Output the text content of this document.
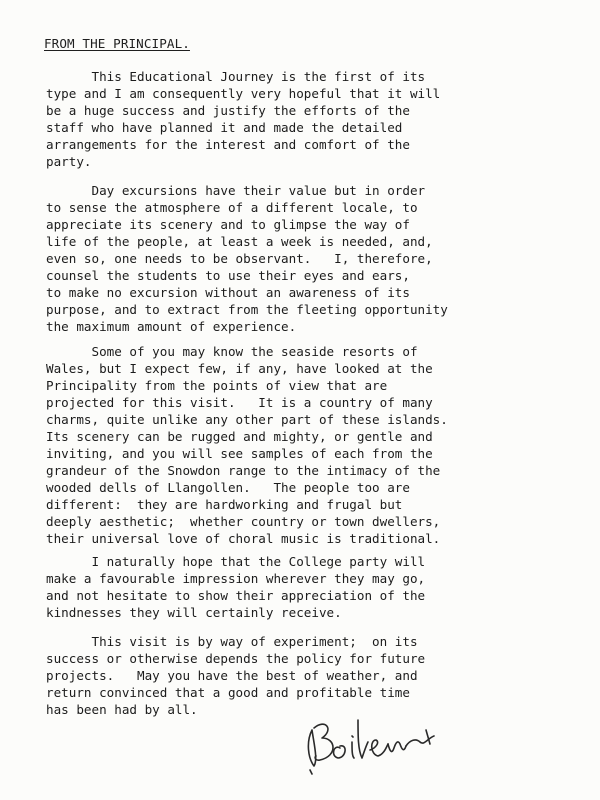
FROM THE PRINCIPAL.
This Educational Journey is the first of its
type and I am consequently very hopeful that it will
be a huge success and justify the efforts of the
staff who have planned it and made the detailed
arrangements for the interest and comfort of the
party.
Day excursions have their value but in order
to sense the atmosphere of a different locale, to
appreciate its scenery and to glimpse the way of
life of the people, at least a week is needed, and,
even so, one needs to be observant.   I, therefore,
counsel the students to use their eyes and ears,
to make no excursion without an awareness of its
purpose, and to extract from the fleeting opportunity
the maximum amount of experience.
Some of you may know the seaside resorts of
Wales, but I expect few, if any, have looked at the
Principality from the points of view that are
projected for this visit.   It is a country of many
charms, quite unlike any other part of these islands.
Its scenery can be rugged and mighty, or gentle and
inviting, and you will see samples of each from the
grandeur of the Snowdon range to the intimacy of the
wooded dells of Llangollen.   The people too are
different:  they are hardworking and frugal but
deeply aesthetic;  whether country or town dwellers,
their universal love of choral music is traditional.
I naturally hope that the College party will
make a favourable impression wherever they may go,
and not hesitate to show their appreciation of the
kindnesses they will certainly receive.
This visit is by way of experiment;  on its
success or otherwise depends the policy for future
projects.   May you have the best of weather, and
return convinced that a good and profitable time
has been had by all.
